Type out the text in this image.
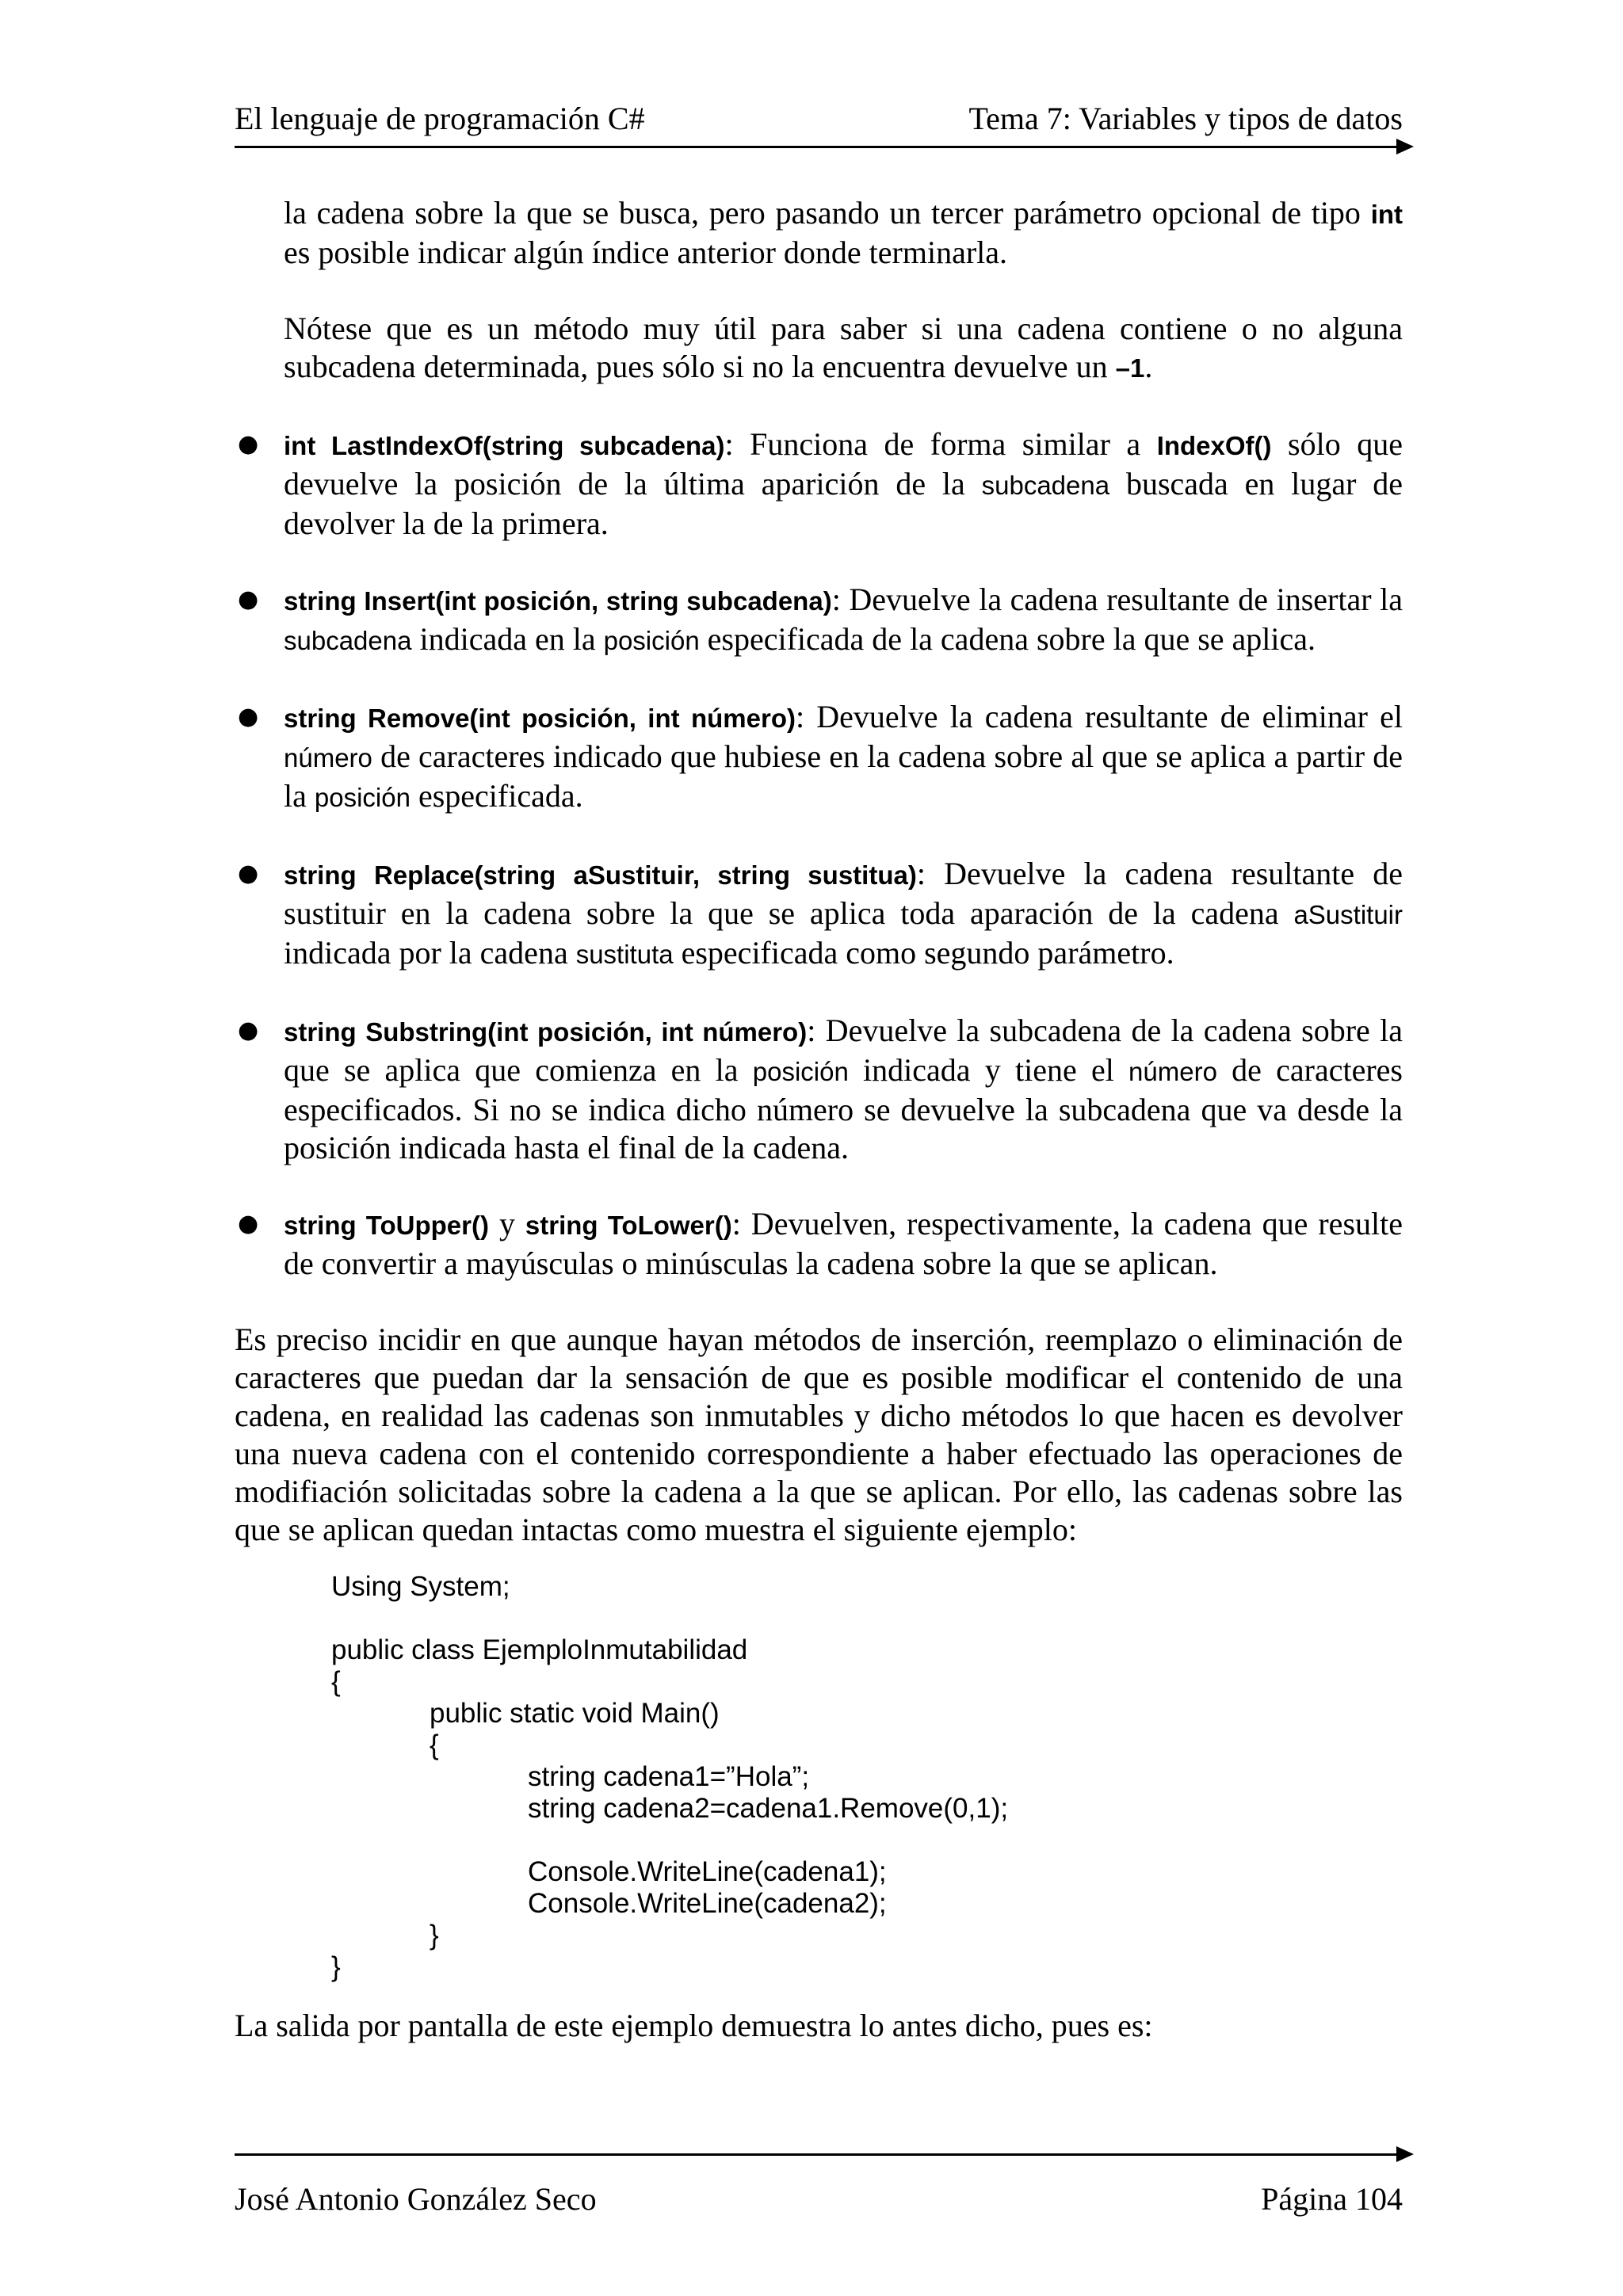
El lenguaje de programación C#	Tema 7: Variables y tipos de datos

la cadena sobre la que se busca, pero pasando un tercer parámetro opcional de tipo int es posible indicar algún índice anterior donde terminarla.

Nótese que es un método muy útil para saber si una cadena contiene o no alguna subcadena determinada, pues sólo si no la encuentra devuelve un –1.

● int LastIndexOf(string subcadena): Funciona de forma similar a IndexOf() sólo que devuelve la posición de la última aparición de la subcadena buscada en lugar de devolver la de la primera.
● string Insert(int posición, string subcadena): Devuelve la cadena resultante de insertar la subcadena indicada en la posición especificada de la cadena sobre la que se aplica.
● string Remove(int posición, int número): Devuelve la cadena resultante de eliminar el número de caracteres indicado que hubiese en la cadena sobre al que se aplica a partir de la posición especificada.
● string Replace(string aSustituir, string sustitua): Devuelve la cadena resultante de sustituir en la cadena sobre la que se aplica toda aparación de la cadena aSustituir indicada por la cadena sustituta especificada como segundo parámetro.
● string Substring(int posición, int número): Devuelve la subcadena de la cadena sobre la que se aplica que comienza en la posición indicada y tiene el número de caracteres especificados. Si no se indica dicho número se devuelve la subcadena que va desde la posición indicada hasta el final de la cadena.
● string ToUpper() y string ToLower(): Devuelven, respectivamente, la cadena que resulte de convertir a mayúsculas o minúsculas la cadena sobre la que se aplican.

Es preciso incidir en que aunque hayan métodos de inserción, reemplazo o eliminación de caracteres que puedan dar la sensación de que es posible modificar el contenido de una cadena, en realidad las cadenas son inmutables y dicho métodos lo que hacen es devolver una nueva cadena con el contenido correspondiente a haber efectuado las operaciones de modifiación solicitadas sobre la cadena a la que se aplican. Por ello, las cadenas sobre las que se aplican quedan intactas como muestra el siguiente ejemplo:

Using System;
public class EjemploInmutabilidad
{
public static void Main()
{
string cadena1=”Hola”;
string cadena2=cadena1.Remove(0,1);
Console.WriteLine(cadena1);
Console.WriteLine(cadena2);
}
}

La salida por pantalla de este ejemplo demuestra lo antes dicho, pues es:

José Antonio González Seco	Página 104
